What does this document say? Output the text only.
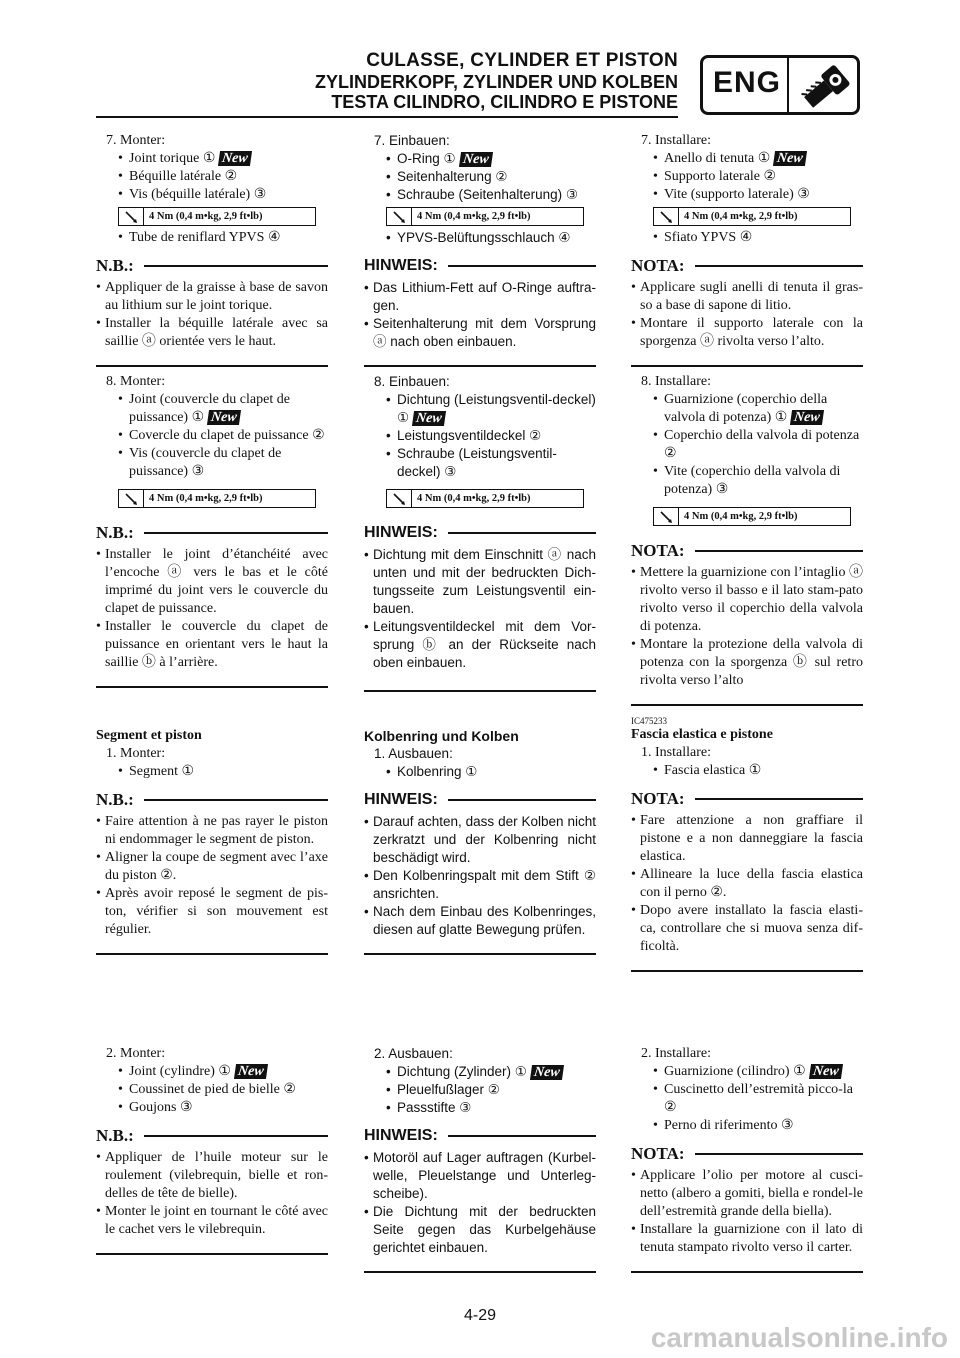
CULASSE, CYLINDER ET PISTON
ZYLINDERKOPF, ZYLINDER UND KOLBEN
TESTA CILINDRO, CILINDRO E PISTONE
ENG
7. Monter:
• Joint torique ① New
• Béquille latérale ②
• Vis (béquille latérale) ③
4 Nm (0,4 m•kg, 2,9 ft•lb)
• Tube de reniflard YPVS ④
N.B.:
• Appliquer de la graisse à base de savon au lithium sur le joint torique.
• Installer la béquille latérale avec sa saillie ⓐ orientée vers le haut.
8. Monter:
• Joint (couvercle du clapet de puissance) ① New
• Covercle du clapet de puissance ②
• Vis (couvercle du clapet de puissance) ③
4 Nm (0,4 m•kg, 2,9 ft•lb)
N.B.:
• Installer le joint d’étanchéité avec l’encoche ⓐ vers le bas et le côté imprimé du joint vers le couvercle du clapet de puissance.
• Installer le couvercle du clapet de puissance en orientant vers le haut la saillie ⓑ à l’arrière.
Segment et piston
1. Monter:
• Segment ①
N.B.:
• Faire attention à ne pas rayer le piston ni endommager le segment de piston.
• Aligner la coupe de segment avec l’axe du piston ②.
• Après avoir reposé le segment de pis-ton, vérifier si son mouvement est régulier.
2. Monter:
• Joint (cylindre) ① New
• Coussinet de pied de bielle ②
• Goujons ③
N.B.:
• Appliquer de l’huile moteur sur le roulement (vilebrequin, bielle et ron-delles de tête de bielle).
• Monter le joint en tournant le côté avec le cachet vers le vilebrequin.
7. Einbauen:
• O-Ring ① New
• Seitenhalterung ②
• Schraube (Seitenhalterung) ③
4 Nm (0,4 m•kg, 2,9 ft•lb)
• YPVS-Belüftungsschlauch ④
HINWEIS:
• Das Lithium-Fett auf O-Ringe auftra-gen.
• Seitenhalterung mit dem Vorsprung ⓐ nach oben einbauen.
8. Einbauen:
• Dichtung (Leistungsventil-deckel) ① New
• Leistungsventildeckel ②
• Schraube (Leistungsventil-deckel) ③
4 Nm (0,4 m•kg, 2,9 ft•lb)
HINWEIS:
• Dichtung mit dem Einschnitt ⓐ nach unten und mit der bedruckten Dich-tungsseite zum Leistungsventil ein-bauen.
• Leitungsventildeckel mit dem Vor-sprung ⓑ an der Rückseite nach oben einbauen.
Kolbenring und Kolben
1. Ausbauen:
• Kolbenring ①
HINWEIS:
• Darauf achten, dass der Kolben nicht zerkratzt und der Kolbenring nicht beschädigt wird.
• Den Kolbenringspalt mit dem Stift ② ansrichten.
• Nach dem Einbau des Kolbenringes, diesen auf glatte Bewegung prüfen.
2. Ausbauen:
• Dichtung (Zylinder) ① New
• Pleuelfußlager ②
• Passstifte ③
HINWEIS:
• Motoröl auf Lager auftragen (Kurbel-welle, Pleuelstange und Unterleg-scheibe).
• Die Dichtung mit der bedruckten Seite gegen das Kurbelgehäuse gerichtet einbauen.
7. Installare:
• Anello di tenuta ① New
• Supporto laterale ②
• Vite (supporto laterale) ③
4 Nm (0,4 m•kg, 2,9 ft•lb)
• Sfiato YPVS ④
NOTA:
• Applicare sugli anelli di tenuta il gras-so a base di sapone di litio.
• Montare il supporto laterale con la sporgenza ⓐ rivolta verso l’alto.
8. Installare:
• Guarnizione (coperchio della valvola di potenza) ① New
• Coperchio della valvola di potenza ②
• Vite (coperchio della valvola di potenza) ③
4 Nm (0,4 m•kg, 2,9 ft•lb)
NOTA:
• Mettere la guarnizione con l’intaglio ⓐ rivolto verso il basso e il lato stam-pato rivolto verso il coperchio della valvola di potenza.
• Montare la protezione della valvola di potenza con la sporgenza ⓑ sul retro rivolta verso l’alto
IC475233
Fascia elastica e pistone
1. Installare:
• Fascia elastica ①
NOTA:
• Fare attenzione a non graffiare il pistone e a non danneggiare la fascia elastica.
• Allineare la luce della fascia elastica con il perno ②.
• Dopo avere installato la fascia elasti-ca, controllare che si muova senza dif-ficoltà.
2. Installare:
• Guarnizione (cilindro) ① New
• Cuscinetto dell’estremità picco-la ②
• Perno di riferimento ③
NOTA:
• Applicare l’olio per motore al cusci-netto (albero a gomiti, biella e rondel-le dell’estremità grande della biella).
• Installare la guarnizione con il lato di tenuta stampato rivolto verso il carter.
4-29
carmanualsonline.info
